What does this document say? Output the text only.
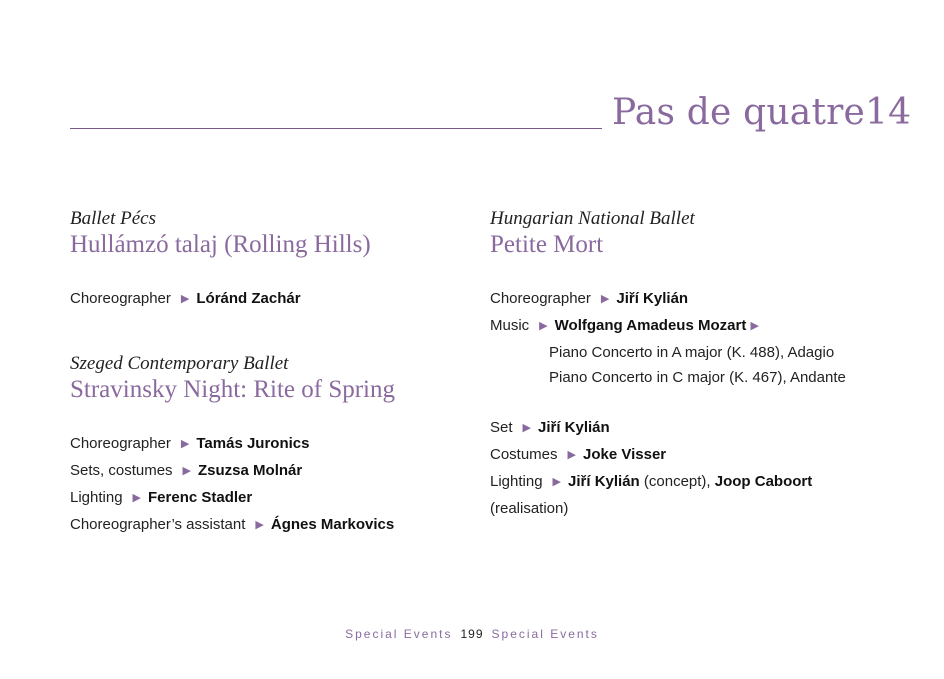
Pas de quatre14
Ballet Pécs
Hullámzó talaj (Rolling Hills)
Choreographer ▶ Lóránd Zachár
Szeged Contemporary Ballet
Stravinsky Night: Rite of Spring
Choreographer ▶ Tamás Juronics
Sets, costumes ▶ Zsuzsa Molnár
Lighting ▶ Ferenc Stadler
Choreographer’s assistant ▶ Ágnes Markovics
Hungarian National Ballet
Petite Mort
Choreographer ▶ Jiří Kylián
Music ▶ Wolfgang Amadeus Mozart ▶
Piano Concerto in A major (K. 488), Adagio
Piano Concerto in C major (K. 467), Andante
Set ▶ Jiří Kylián
Costumes ▶ Joke Visser
Lighting ▶ Jiří Kylián (concept), Joop Caboort
(realisation)
Special Events 199 Special Events
